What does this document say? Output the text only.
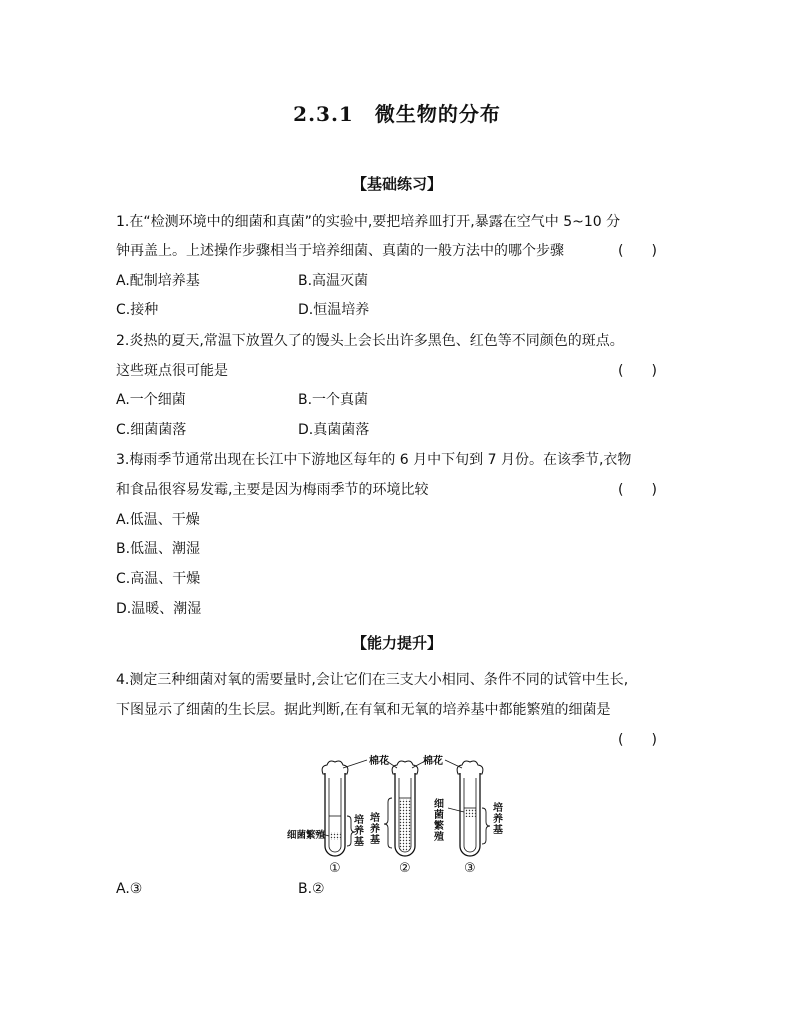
2.3.1　微生物的分布
【基础练习】
1.在“检测环境中的细菌和真菌”的实验中,要把培养皿打开,暴露在空气中 5~10 分
钟再盖上。上述操作步骤相当于培养细菌、真菌的一般方法中的哪个步骤	(　　)
A.配制培养基	B.高温灭菌
C.接种	D.恒温培养
2.炎热的夏天,常温下放置久了的馒头上会长出许多黑色、红色等不同颜色的斑点。
这些斑点很可能是	(　　)
A.一个细菌	B.一个真菌
C.细菌菌落	D.真菌菌落
3.梅雨季节通常出现在长江中下游地区每年的 6 月中下旬到 7 月份。在该季节,衣物
和食品很容易发霉,主要是因为梅雨季节的环境比较	(　　)
A.低温、干燥
B.低温、潮湿
C.高温、干燥
D.温暖、潮湿
【能力提升】
4.测定三种细菌对氧的需要量时,会让它们在三支大小相同、条件不同的试管中生长,
下图显示了细菌的生长层。据此判断,在有氧和无氧的培养基中都能繁殖的细菌是
(　　)
棉花	棉花
培养基
细菌繁殖	培养基	细菌繁殖	培养基
①	②	③
A.③	B.②
